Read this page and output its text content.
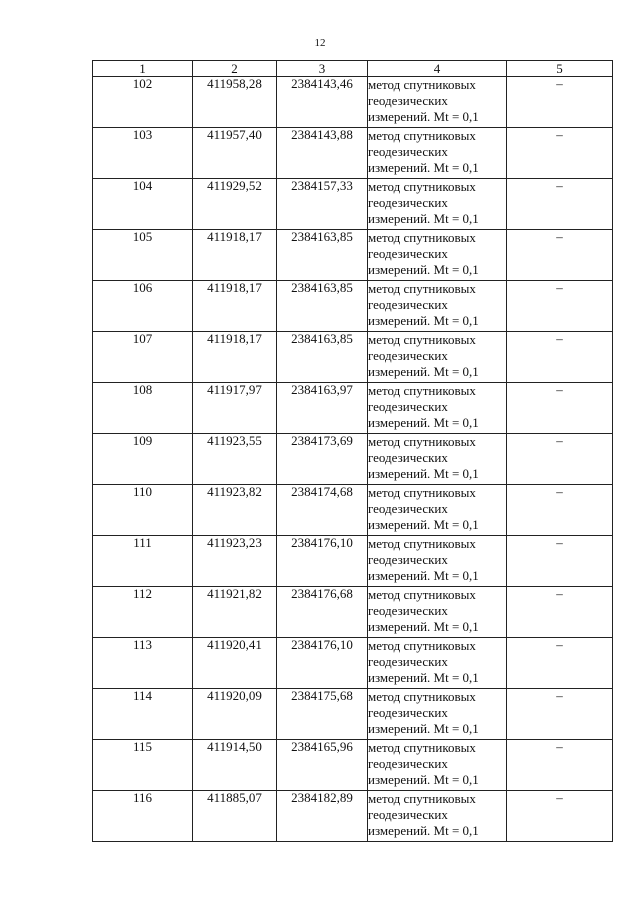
12
1	2	3	4	5
102	411958,28	2384143,46	метод спутниковых
геодезических
измерений. Mt = 0,1	–
103	411957,40	2384143,88	метод спутниковых
геодезических
измерений. Mt = 0,1	–
104	411929,52	2384157,33	метод спутниковых
геодезических
измерений. Mt = 0,1	–
105	411918,17	2384163,85	метод спутниковых
геодезических
измерений. Mt = 0,1	–
106	411918,17	2384163,85	метод спутниковых
геодезических
измерений. Mt = 0,1	–
107	411918,17	2384163,85	метод спутниковых
геодезических
измерений. Mt = 0,1	–
108	411917,97	2384163,97	метод спутниковых
геодезических
измерений. Mt = 0,1	–
109	411923,55	2384173,69	метод спутниковых
геодезических
измерений. Mt = 0,1	–
110	411923,82	2384174,68	метод спутниковых
геодезических
измерений. Mt = 0,1	–
111	411923,23	2384176,10	метод спутниковых
геодезических
измерений. Mt = 0,1	–
112	411921,82	2384176,68	метод спутниковых
геодезических
измерений. Mt = 0,1	–
113	411920,41	2384176,10	метод спутниковых
геодезических
измерений. Mt = 0,1	–
114	411920,09	2384175,68	метод спутниковых
геодезических
измерений. Mt = 0,1	–
115	411914,50	2384165,96	метод спутниковых
геодезических
измерений. Mt = 0,1	–
116	411885,07	2384182,89	метод спутниковых
геодезических
измерений. Mt = 0,1	–
